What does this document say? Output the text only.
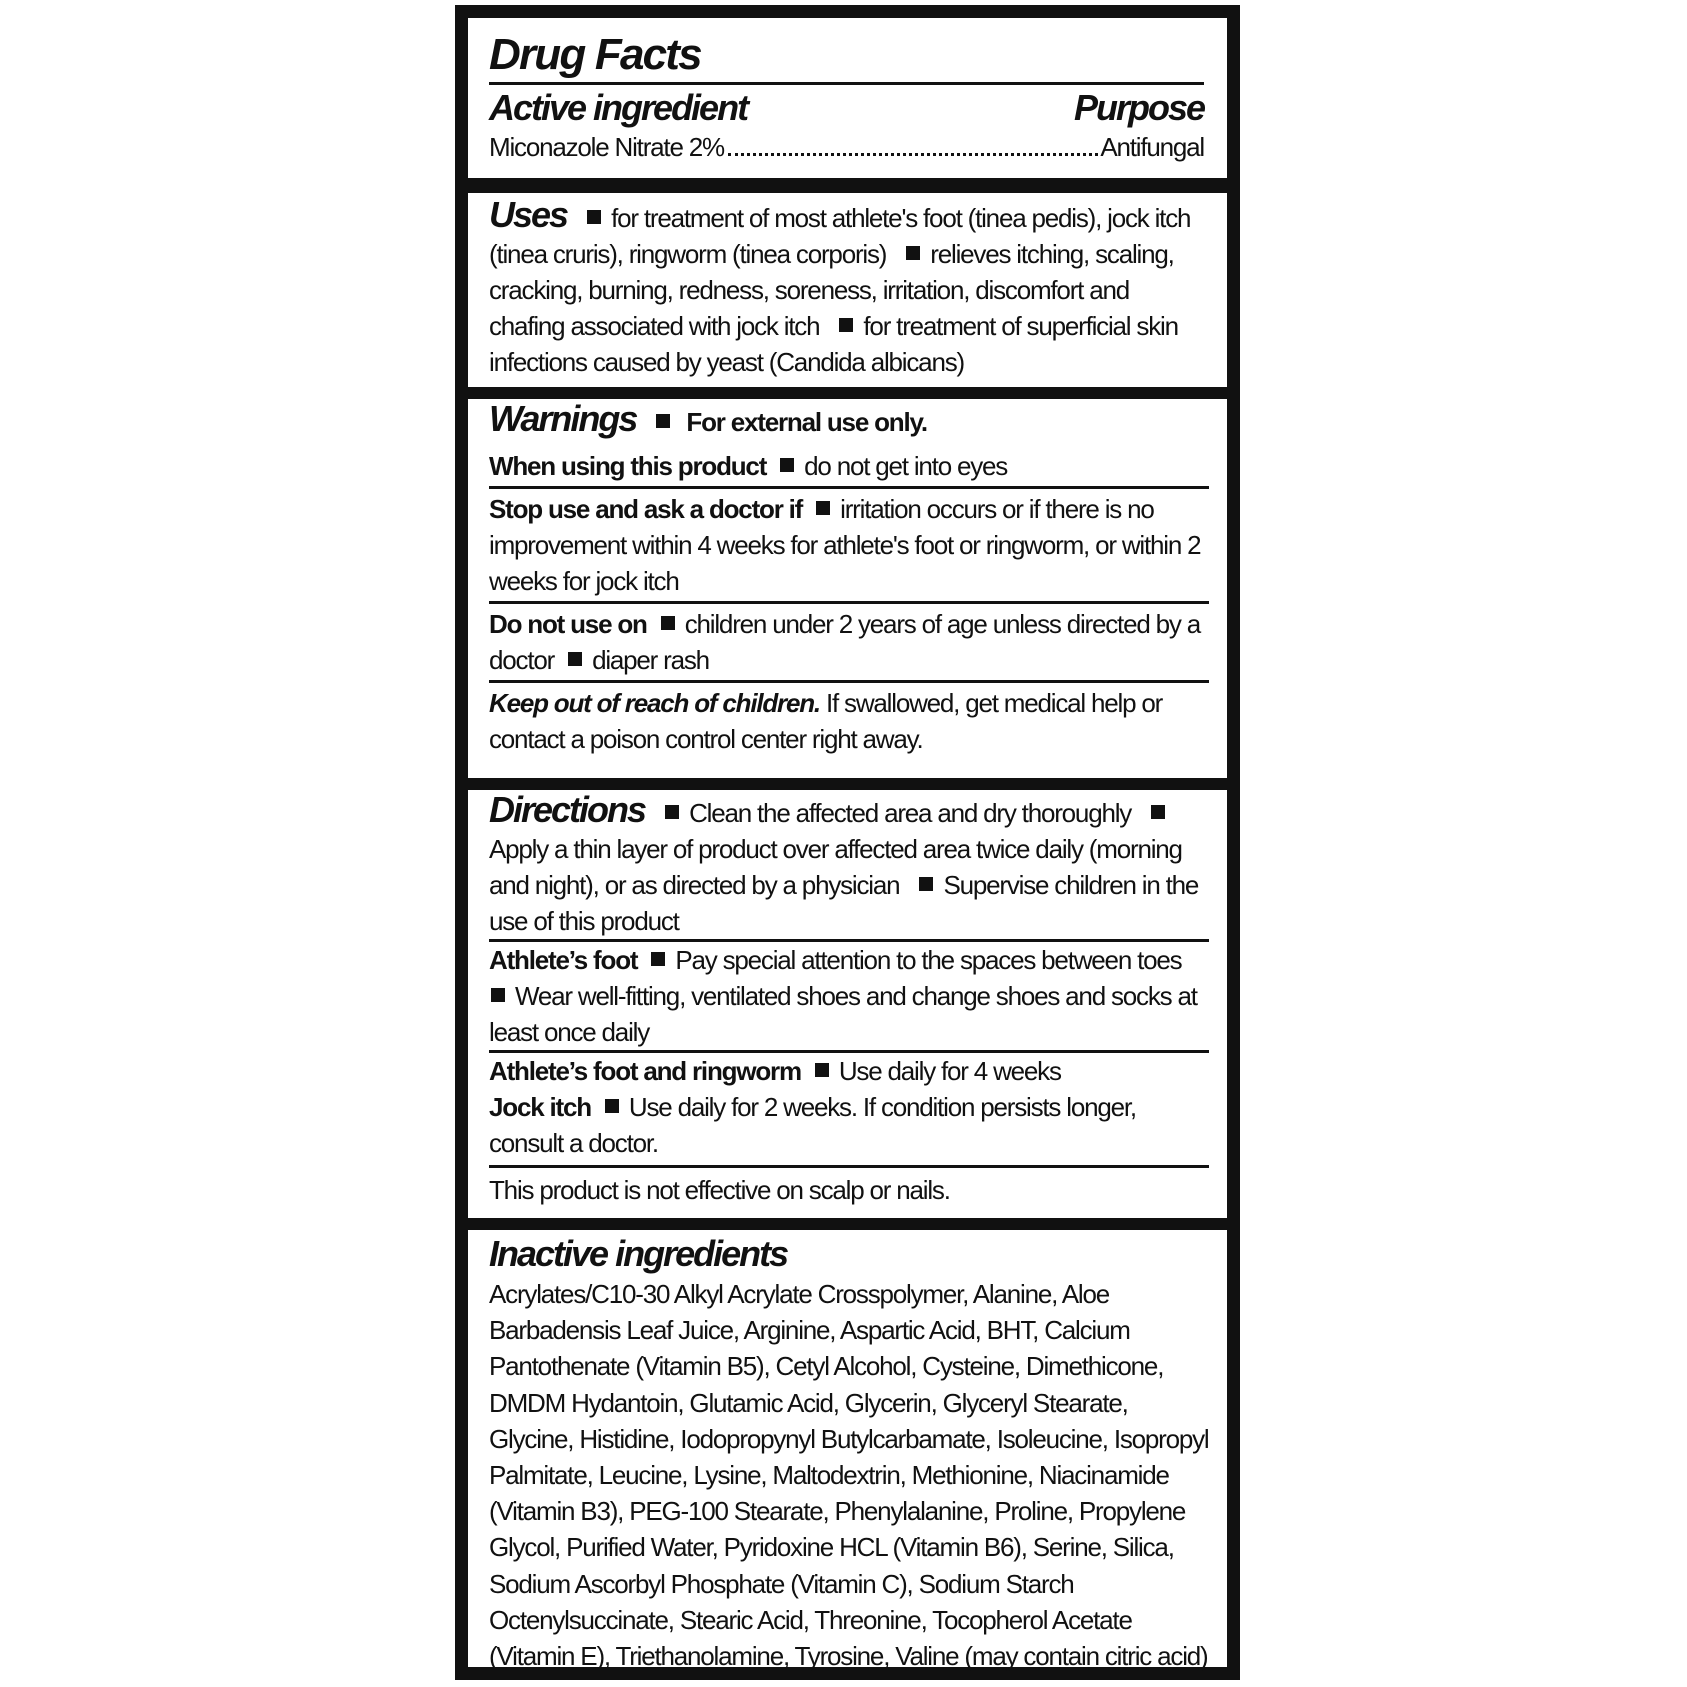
Drug Facts
Active ingredient	Purpose
Miconazole Nitrate 2%	Antifungal
Uses for treatment of most athlete's foot (tinea pedis), jock itch (tinea cruris), ringworm (tinea corporis) relieves itching, scaling, cracking, burning, redness, soreness, irritation, discomfort and chafing associated with jock itch for treatment of superficial skin infections caused by yeast (Candida albicans)
Warnings For external use only.
When using this product do not get into eyes
Stop use and ask a doctor if irritation occurs or if there is no improvement within 4 weeks for athlete's foot or ringworm, or within 2 weeks for jock itch
Do not use on children under 2 years of age unless directed by a doctor diaper rash
Keep out of reach of children. If swallowed, get medical help or contact a poison control center right away.
Directions Clean the affected area and dry thoroughly Apply a thin layer of product over affected area twice daily (morning and night), or as directed by a physician Supervise children in the use of this product
Athlete’s foot Pay special attention to the spaces between toes Wear well-fitting, ventilated shoes and change shoes and socks at least once daily
Athlete’s foot and ringworm Use daily for 4 weeks
Jock itch Use daily for 2 weeks. If condition persists longer, consult a doctor.
This product is not effective on scalp or nails.
Inactive ingredients
Acrylates/C10-30 Alkyl Acrylate Crosspolymer, Alanine, Aloe Barbadensis Leaf Juice, Arginine, Aspartic Acid, BHT, Calcium Pantothenate (Vitamin B5), Cetyl Alcohol, Cysteine, Dimethicone, DMDM Hydantoin, Glutamic Acid, Glycerin, Glyceryl Stearate, Glycine, Histidine, Iodopropynyl Butylcarbamate, Isoleucine, Isopropyl Palmitate, Leucine, Lysine, Maltodextrin, Methionine, Niacinamide (Vitamin B3), PEG-100 Stearate, Phenylalanine, Proline, Propylene Glycol, Purified Water, Pyridoxine HCL (Vitamin B6), Serine, Silica, Sodium Ascorbyl Phosphate (Vitamin C), Sodium Starch Octenylsuccinate, Stearic Acid, Threonine, Tocopherol Acetate (Vitamin E), Triethanolamine, Tyrosine, Valine (may contain citric acid)
